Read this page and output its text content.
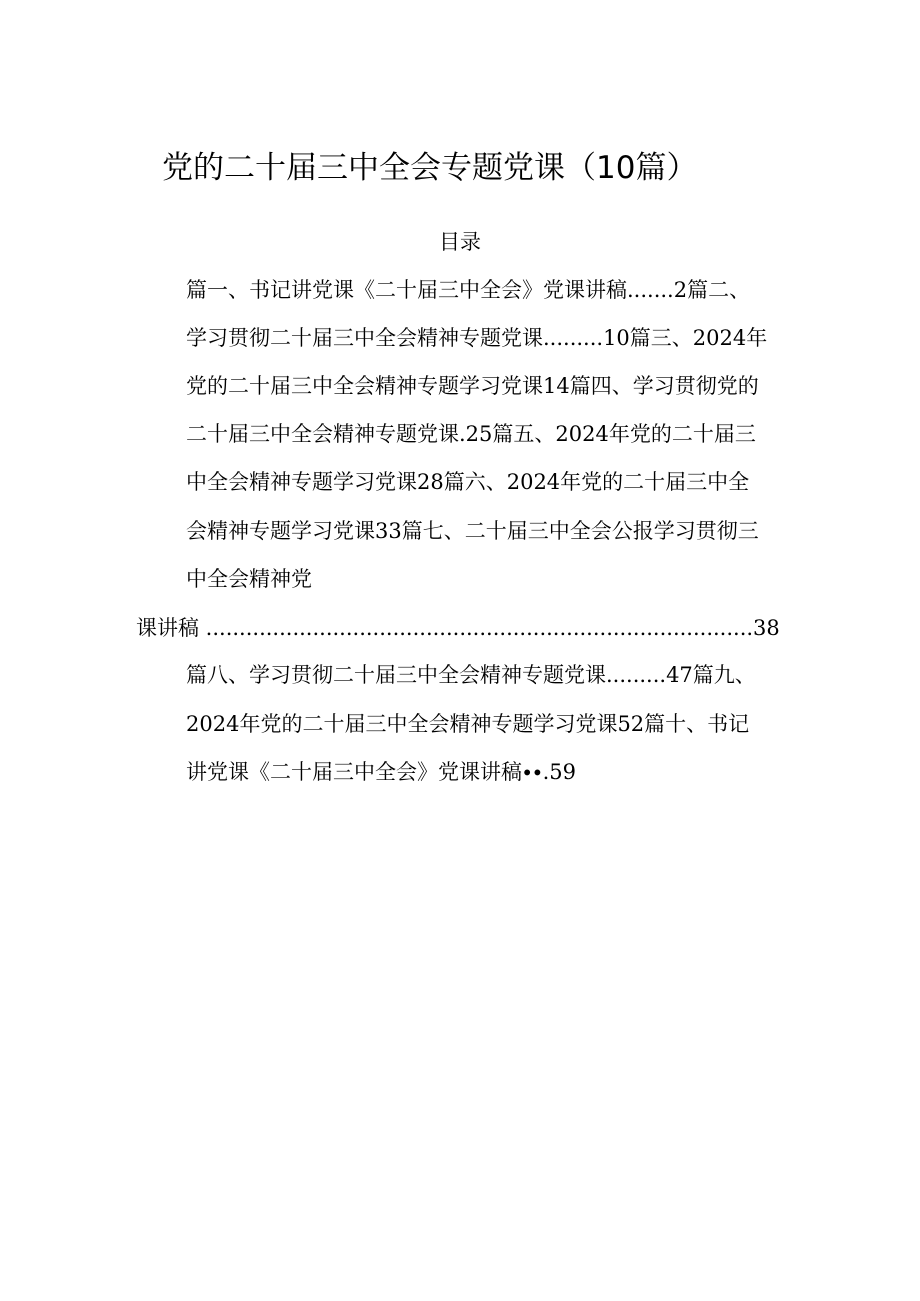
党的二十届三中全会专题党课（10篇）
目录
篇一、书记讲党课《二十届三中全会》党课讲稿.......2篇二、
学习贯彻二十届三中全会精神专题党课.........10篇三、2024年
党的二十届三中全会精神专题学习党课14篇四、学习贯彻党的
二十届三中全会精神专题党课.25篇五、2024年党的二十届三
中全会精神专题学习党课28篇六、2024年党的二十届三中全
会精神专题学习党课33篇七、二十届三中全会公报学习贯彻三
中全会精神党
课讲稿 ..................................................................................38
篇八、学习贯彻二十届三中全会精神专题党课.........47篇九、
2024年党的二十届三中全会精神专题学习党课52篇十、书记
讲党课《二十届三中全会》党课讲稿∙∙.59
